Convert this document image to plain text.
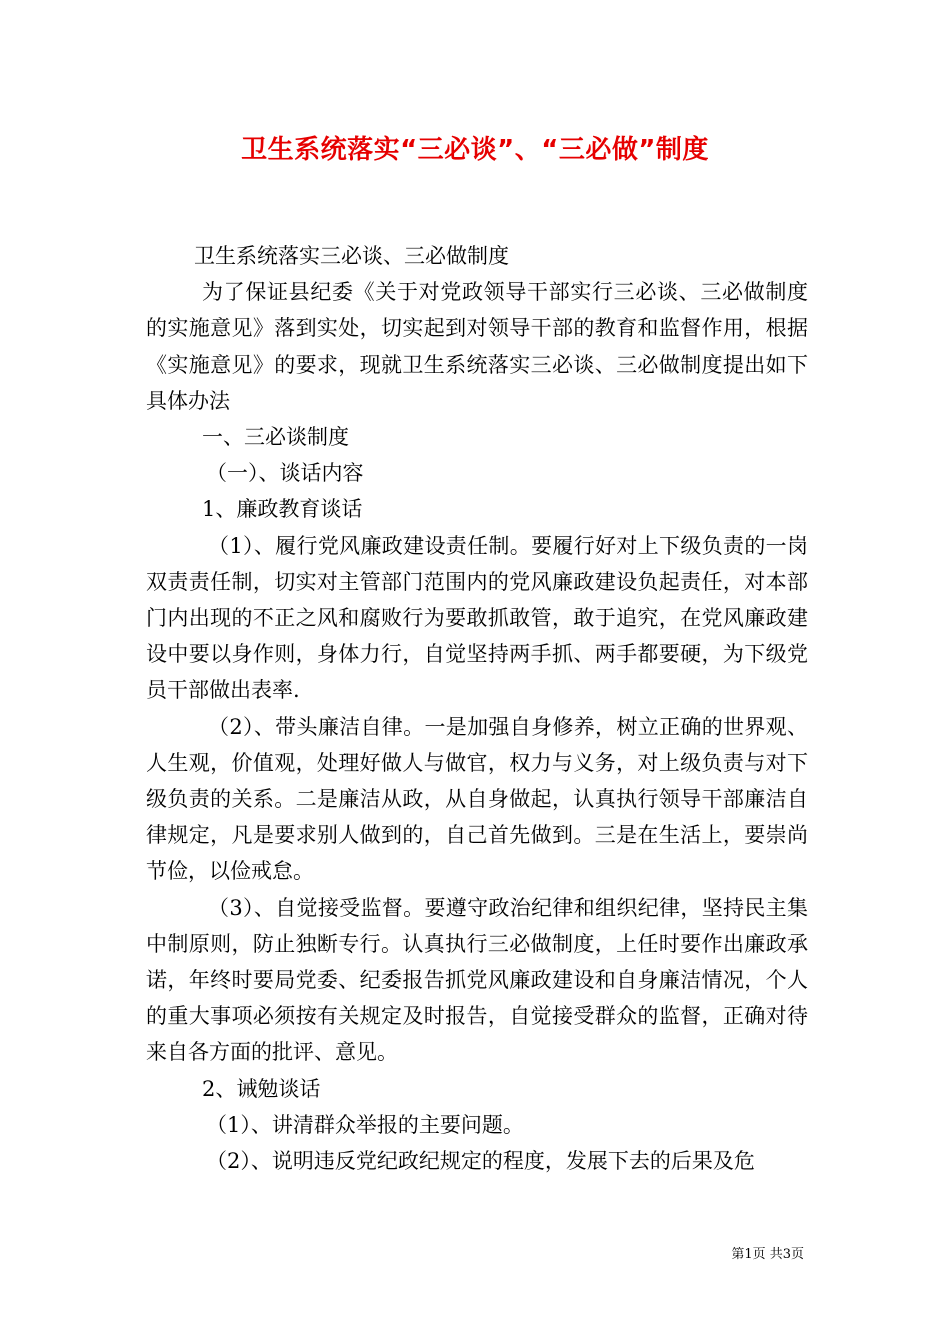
卫生系统落实“三必谈”、“三必做”制度

卫生系统落实三必谈、三必做制度

为了保证县纪委《关于对党政领导干部实行三必谈、三必做制度的实施意见》落到实处，切实起到对领导干部的教育和监督作用，根据《实施意见》的要求，现就卫生系统落实三必谈、三必做制度提出如下具体办法

一、三必谈制度

（一）、谈话内容

1、廉政教育谈话

（1）、履行党风廉政建设责任制。要履行好对上下级负责的一岗双责责任制，切实对主管部门范围内的党风廉政建设负起责任，对本部门内出现的不正之风和腐败行为要敢抓敢管，敢于追究，在党风廉政建设中要以身作则，身体力行，自觉坚持两手抓、两手都要硬，为下级党员干部做出表率.

（2）、带头廉洁自律。一是加强自身修养，树立正确的世界观、人生观，价值观，处理好做人与做官，权力与义务，对上级负责与对下级负责的关系。二是廉洁从政，从自身做起，认真执行领导干部廉洁自律规定，凡是要求别人做到的，自己首先做到。三是在生活上，要崇尚节俭，以俭戒怠。

（3）、自觉接受监督。要遵守政治纪律和组织纪律，坚持民主集中制原则，防止独断专行。认真执行三必做制度，上任时要作出廉政承诺，年终时要局党委、纪委报告抓党风廉政建设和自身廉洁情况，个人的重大事项必须按有关规定及时报告，自觉接受群众的监督，正确对待来自各方面的批评、意见。

2、诫勉谈话

（1）、讲清群众举报的主要问题。

（2）、说明违反党纪政纪规定的程度，发展下去的后果及危

第1页 共3页
